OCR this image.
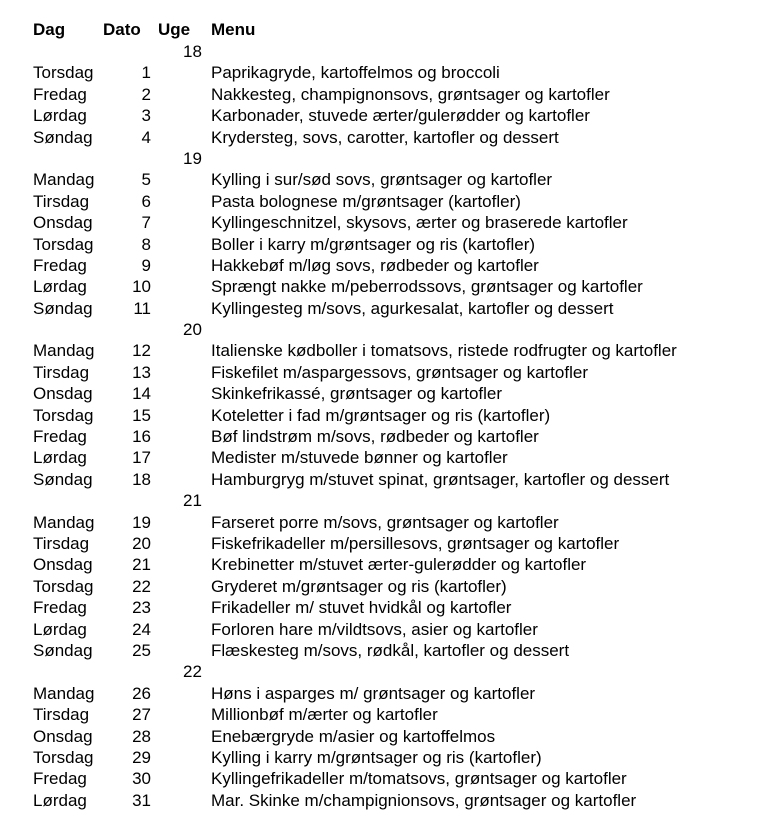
Dag Dato Uge Menu
18
Torsdag	1	Paprikagryde, kartoffelmos og broccoli
Fredag	2	Nakkesteg, champignonsovs, grøntsager og kartofler
Lørdag	3	Karbonader, stuvede ærter/gulerødder og kartofler
Søndag	4	Krydersteg, sovs, carotter, kartofler og dessert
19
Mandag	5	Kylling i sur/sød sovs, grøntsager og kartofler
Tirsdag	6	Pasta bolognese m/grøntsager (kartofler)
Onsdag	7	Kyllingeschnitzel, skysovs, ærter og braserede kartofler
Torsdag	8	Boller i karry m/grøntsager og ris (kartofler)
Fredag	9	Hakkebøf m/løg sovs, rødbeder og kartofler
Lørdag	10	Sprængt nakke m/peberrodssovs, grøntsager og kartofler
Søndag 11	Kyllingesteg m/sovs, agurkesalat, kartofler og dessert
20
Mandag 12	Italienske kødboller i tomatsovs, ristede rodfrugter og kartofler
Tirsdag	13	Fiskefilet m/aspargessovs, grøntsager og kartofler
Onsdag 14	Skinkefrikassé, grøntsager og kartofler
Torsdag 15	Koteletter i fad m/grøntsager og ris (kartofler)
Fredag	16	Bøf lindstrøm m/sovs, rødbeder og kartofler
Lørdag	17	Medister m/stuvede bønner og kartofler
Søndag 18	Hamburgryg m/stuvet spinat, grøntsager, kartofler og dessert
21
Mandag 19	Farseret porre m/sovs, grøntsager og kartofler
Tirsdag	20	Fiskefrikadeller m/persillesovs, grøntsager og kartofler
Onsdag 21	Krebinetter m/stuvet ærter-gulerødder og kartofler
Torsdag 22	Gryderet m/grøntsager og ris (kartofler)
Fredag	23	Frikadeller m/ stuvet hvidkål og kartofler
Lørdag	24	Forloren hare m/vildtsovs, asier og kartofler
Søndag 25	Flæskesteg m/sovs, rødkål, kartofler og dessert
22
Mandag 26	Høns i asparges m/ grøntsager og kartofler
Tirsdag	27	Millionbøf m/ærter og kartofler
Onsdag 28	Enebærgryde m/asier og kartoffelmos
Torsdag 29	Kylling i karry m/grøntsager og ris (kartofler)
Fredag	30	Kyllingefrikadeller m/tomatsovs, grøntsager og kartofler
Lørdag	31	Mar. Skinke m/champignionsovs, grøntsager og kartofler
